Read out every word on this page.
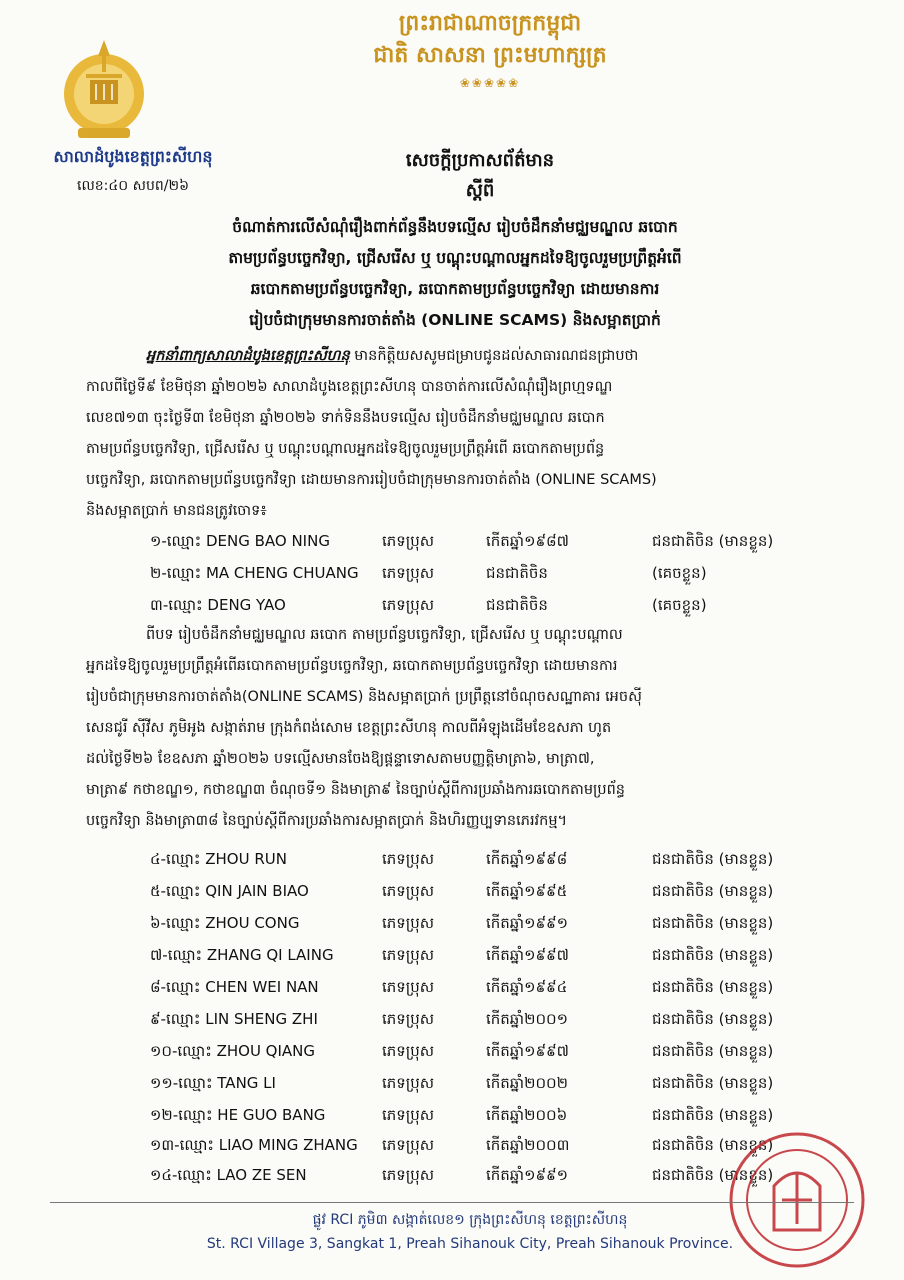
ព្រះរាជាណាចក្រកម្ពុជា
ជាតិ សាសនា ព្រះមហាក្សត្រ
❀❀❀❀❀
សាលាដំបូងខេត្តព្រះសីហនុ
លេខ:៤០ សបព/២៦
សេចក្ដីប្រកាសព័ត៌មាន
ស្ដីពី
ចំណាត់ការលើសំណុំរឿងពាក់ព័ន្ធនឹងបទល្មើស រៀបចំដឹកនាំមជ្ឈមណ្ឌល ឆបោក
តាមប្រព័ន្ធបច្ចេកវិទ្យា, ជ្រើសរើស ឬ បណ្ដុះបណ្ដាលអ្នកដទៃឱ្យចូលរួមប្រព្រឹត្តអំពើ
ឆបោកតាមប្រព័ន្ធបច្ចេកវិទ្យា, ឆបោកតាមប្រព័ន្ធបច្ចេកវិទ្យា ដោយមានការ
រៀបចំជាក្រុមមានការចាត់តាំង (ONLINE SCAMS) និងសម្អាតប្រាក់
អ្នកនាំពាក្យសាលាដំបូងខេត្តព្រះសីហនុ មានកិត្តិយសសូមជម្រាបជូនដល់សាធារណជនជ្រាបថា
កាលពីថ្ងៃទី៩ ខែមិថុនា ឆ្នាំ២០២៦ សាលាដំបូងខេត្តព្រះសីហនុ បានចាត់ការលើសំណុំរឿងព្រហ្មទណ្ឌ
លេខ៧១៣ ចុះថ្ងៃទី៣ ខែមិថុនា ឆ្នាំ២០២៦ ទាក់ទិននឹងបទល្មើស រៀបចំដឹកនាំមជ្ឈមណ្ឌល ឆបោក
តាមប្រព័ន្ធបច្ចេកវិទ្យា, ជ្រើសរើស ឬ បណ្ដុះបណ្ដាលអ្នកដទៃឱ្យចូលរួមប្រព្រឹត្តអំពើ ឆបោកតាមប្រព័ន្ធ
បច្ចេកវិទ្យា, ឆបោកតាមប្រព័ន្ធបច្ចេកវិទ្យា ដោយមានការរៀបចំជាក្រុមមានការចាត់តាំង (ONLINE SCAMS)
និងសម្អាតប្រាក់ មានជនត្រូវចោទ៖
១-ឈ្មោះ DENG BAO NING	ភេទប្រុស	កើតឆ្នាំ១៩៨៧	ជនជាតិចិន (មានខ្លួន)
២-ឈ្មោះ MA CHENG CHUANG ភេទប្រុស	ជនជាតិចិន	(គេចខ្លួន)
៣-ឈ្មោះ DENG YAO	ភេទប្រុស	ជនជាតិចិន	(គេចខ្លួន)
ពីបទ រៀបចំដឹកនាំមជ្ឈមណ្ឌល ឆបោក តាមប្រព័ន្ធបច្ចេកវិទ្យា, ជ្រើសរើស ឬ បណ្ដុះបណ្ដាល
អ្នកដទៃឱ្យចូលរួមប្រព្រឹត្តអំពើឆបោកតាមប្រព័ន្ធបច្ចេកវិទ្យា, ឆបោកតាមប្រព័ន្ធបច្ចេកវិទ្យា ដោយមានការ
រៀបចំជាក្រុមមានការចាត់តាំង(ONLINE SCAMS) និងសម្អាតប្រាក់ ប្រព្រឹត្តនៅចំណុចសណ្ឋាគារ អេចស៊ី
សេនជូរី ស៊ីវីស ភូមិអូង សង្កាត់រាម ក្រុងកំពង់សោម ខេត្តព្រះសីហនុ កាលពីអំឡុងដើមខែឧសភា ហូត
ដល់ថ្ងៃទី២៦ ខែឧសភា ឆ្នាំ២០២៦ បទល្មើសមានចែងឱ្យផ្តន្ទាទោសតាមបញ្ញត្តិមាត្រា៦, មាត្រា៧,
មាត្រា៩ កថាខណ្ឌ១, កថាខណ្ឌ៣ ចំណុចទី១ និងមាត្រា៩ នៃច្បាប់ស្តីពីការប្រឆាំងការឆបោកតាមប្រព័ន្ធ
បច្ចេកវិទ្យា និងមាត្រា៣៨ នៃច្បាប់ស្តីពីការប្រឆាំងការសម្អាតប្រាក់ និងហិរញ្ញប្បទានភេរវកម្ម។
៤-ឈ្មោះ ZHOU RUN	ភេទប្រុស	កើតឆ្នាំ១៩៩៨	ជនជាតិចិន (មានខ្លួន)
៥-ឈ្មោះ QIN JAIN BIAO	ភេទប្រុស	កើតឆ្នាំ១៩៩៥	ជនជាតិចិន (មានខ្លួន)
៦-ឈ្មោះ ZHOU CONG	ភេទប្រុស	កើតឆ្នាំ១៩៩១	ជនជាតិចិន (មានខ្លួន)
៧-ឈ្មោះ ZHANG QI LAING	ភេទប្រុស	កើតឆ្នាំ១៩៩៧	ជនជាតិចិន (មានខ្លួន)
៨-ឈ្មោះ CHEN WEI NAN	ភេទប្រុស	កើតឆ្នាំ១៩៩៤	ជនជាតិចិន (មានខ្លួន)
៩-ឈ្មោះ LIN SHENG ZHI	ភេទប្រុស	កើតឆ្នាំ២០០១	ជនជាតិចិន (មានខ្លួន)
១០-ឈ្មោះ ZHOU QIANG	ភេទប្រុស	កើតឆ្នាំ១៩៩៧	ជនជាតិចិន (មានខ្លួន)
១១-ឈ្មោះ TANG LI	ភេទប្រុស	កើតឆ្នាំ២០០២	ជនជាតិចិន (មានខ្លួន)
១២-ឈ្មោះ HE GUO BANG	ភេទប្រុស	កើតឆ្នាំ២០០៦	ជនជាតិចិន (មានខ្លួន)
១៣-ឈ្មោះ LIAO MING ZHANG ភេទប្រុស	កើតឆ្នាំ២០០៣	ជនជាតិចិន (មានខ្លួន)
១៤-ឈ្មោះ LAO ZE SEN	ភេទប្រុស	កើតឆ្នាំ១៩៩១	ជនជាតិចិន (មានខ្លួន)
ផ្លូវ RCI ភូមិ៣ សង្កាត់លេខ១ ក្រុងព្រះសីហនុ ខេត្តព្រះសីហនុ
St. RCI Village 3, Sangkat 1, Preah Sihanouk City, Preah Sihanouk Province.
